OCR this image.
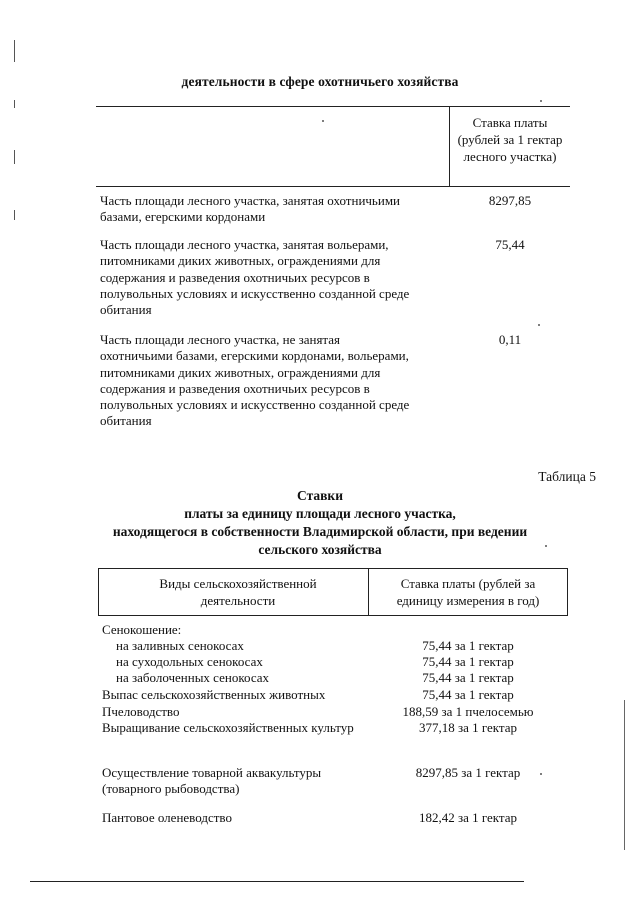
деятельности в сфере охотничьего хозяйства
Ставка платы (рублей за 1 гектар лесного участка)
Часть площади лесного участка, занятая охотничьими базами, егерскими кордонами
8297,85
Часть площади лесного участка, занятая вольерами, питомниками диких животных, ограждениями для содержания и разведения охотничьих ресурсов в полувольных условиях и искусственно созданной среде обитания
75,44
Часть площади лесного участка, не занятая охотничьими базами, егерскими кордонами, вольерами, питомниками диких животных, ограждениями для содержания и разведения охотничьих ресурсов в полувольных условиях и искусственно созданной среде обитания
0,11
Таблица 5
Ставки
платы за единицу площади лесного участка,
находящегося в собственности Владимирской области, при ведении
сельского хозяйства
Виды сельскохозяйственной деятельности
Ставка платы (рублей за единицу измерения в год)
Сенокошение:
на заливных сенокосах	75,44 за 1 гектар
на суходольных сенокосах	75,44 за 1 гектар
на заболоченных сенокосах	75,44 за 1 гектар
Выпас сельскохозяйственных животных	75,44 за 1 гектар
Пчеловодство	188,59 за 1 пчелосемью
Выращивание сельскохозяйственных культур	377,18 за 1 гектар
Осуществление товарной аквакультуры (товарного рыбоводства)
8297,85 за 1 гектар
Пантовое оленеводство	182,42 за 1 гектар
